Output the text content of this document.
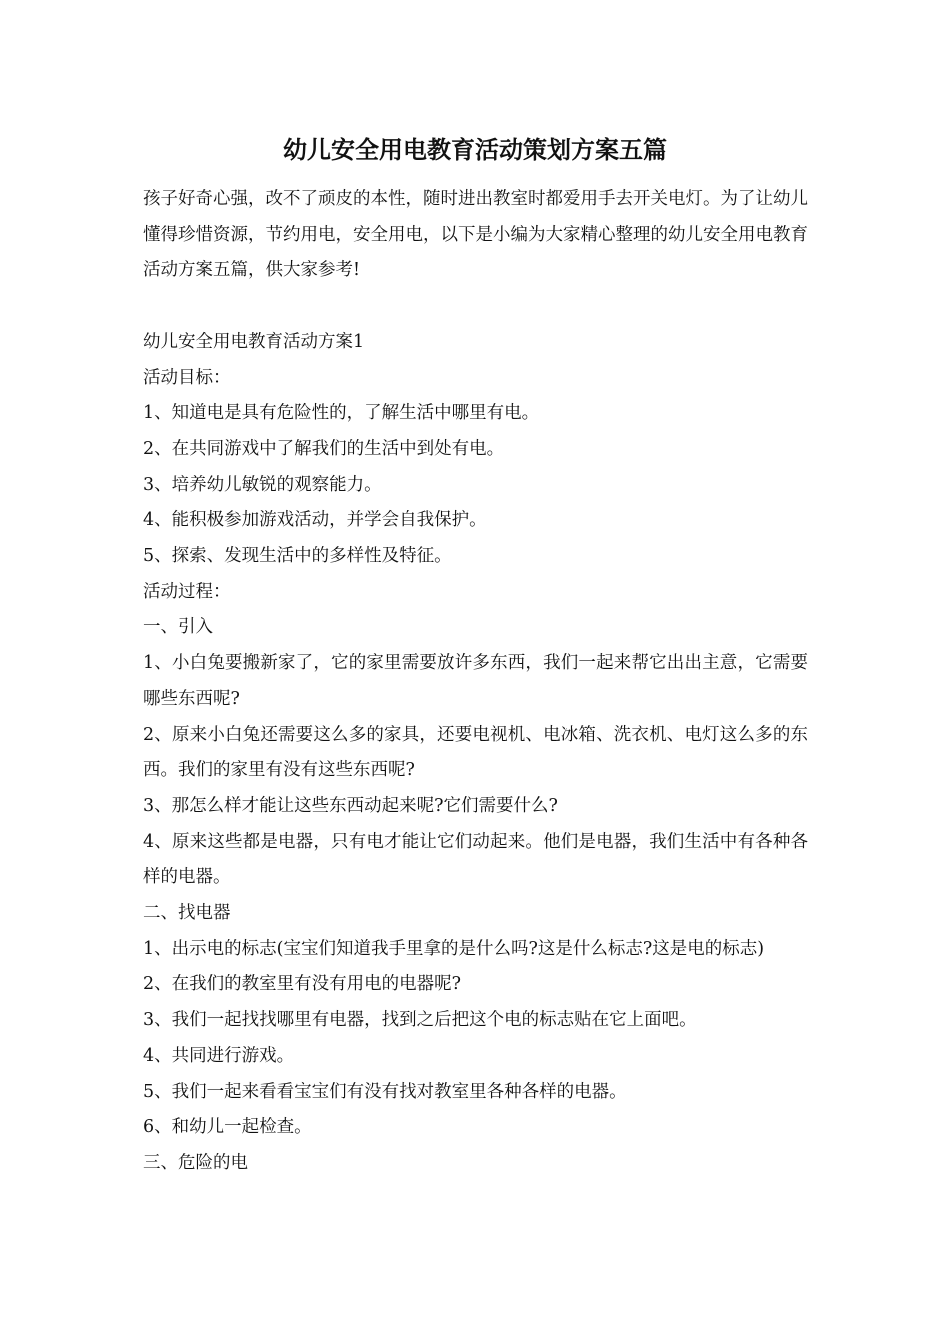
幼儿安全用电教育活动策划方案五篇

孩子好奇心强，改不了顽皮的本性，随时进出教室时都爱用手去开关电灯。为了让幼儿懂得珍惜资源，节约用电，安全用电，以下是小编为大家精心整理的幼儿安全用电教育活动方案五篇，供大家参考!

幼儿安全用电教育活动方案1

活动目标：

1、知道电是具有危险性的，了解生活中哪里有电。

2、在共同游戏中了解我们的生活中到处有电。

3、培养幼儿敏锐的观察能力。

4、能积极参加游戏活动，并学会自我保护。

5、探索、发现生活中的多样性及特征。

活动过程：

一、引入

1、小白兔要搬新家了，它的家里需要放许多东西，我们一起来帮它出出主意，它需要哪些东西呢?

2、原来小白兔还需要这么多的家具，还要电视机、电冰箱、洗衣机、电灯这么多的东西。我们的家里有没有这些东西呢?

3、那怎么样才能让这些东西动起来呢?它们需要什么?

4、原来这些都是电器，只有电才能让它们动起来。他们是电器，我们生活中有各种各样的电器。

二、找电器

1、出示电的标志(宝宝们知道我手里拿的是什么吗?这是什么标志?这是电的标志)

2、在我们的教室里有没有用电的电器呢?

3、我们一起找找哪里有电器，找到之后把这个电的标志贴在它上面吧。

4、共同进行游戏。

5、我们一起来看看宝宝们有没有找对教室里各种各样的电器。

6、和幼儿一起检查。

三、危险的电
